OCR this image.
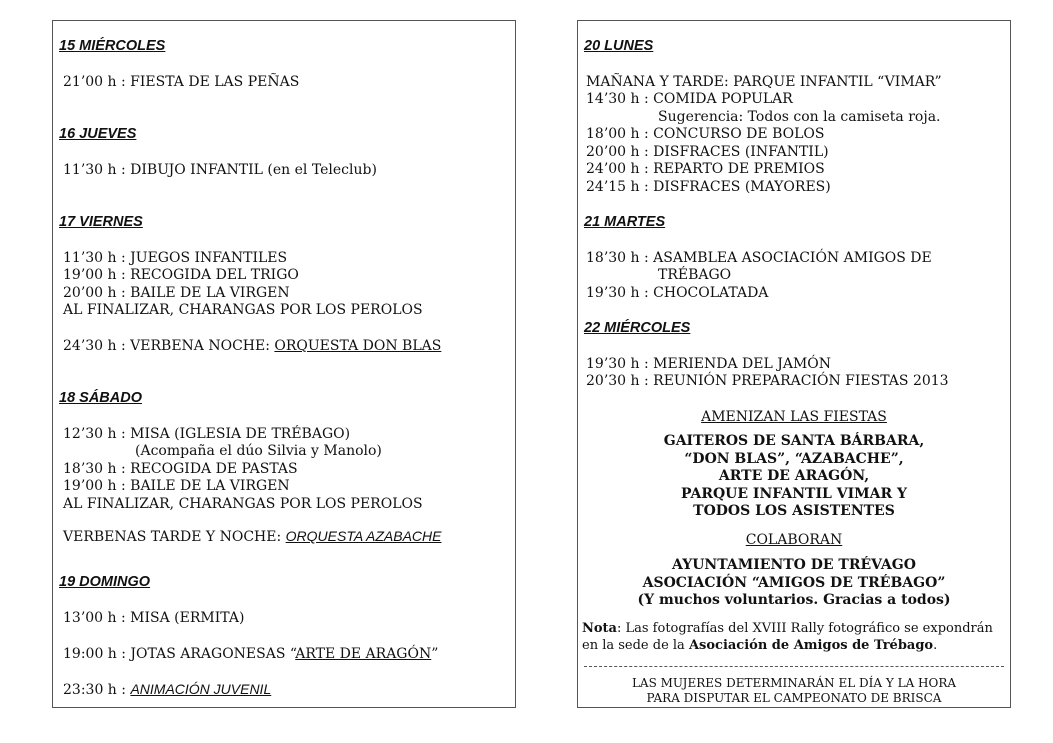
15 MIÉRCOLES
21’00 h : FIESTA DE LAS PEÑAS
16 JUEVES
11’30 h : DIBUJO INFANTIL (en el Teleclub)
17 VIERNES
11’30 h : JUEGOS INFANTILES
19’00 h : RECOGIDA DEL TRIGO
20’00 h : BAILE DE LA VIRGEN
AL FINALIZAR, CHARANGAS POR LOS PEROLOS
24’30 h : VERBENA NOCHE: ORQUESTA DON BLAS
18 SÁBADO
12’30 h : MISA (IGLESIA DE TRÉBAGO)
(Acompaña el dúo Silvia y Manolo)
18’30 h : RECOGIDA DE PASTAS
19’00 h : BAILE DE LA VIRGEN
AL FINALIZAR, CHARANGAS POR LOS PEROLOS
VERBENAS TARDE Y NOCHE: ORQUESTA AZABACHE
19 DOMINGO
13’00 h : MISA (ERMITA)
19:00 h : JOTAS ARAGONESAS “ARTE DE ARAGÓN”
23:30 h : ANIMACIÓN JUVENIL
20 LUNES
MAÑANA Y TARDE: PARQUE INFANTIL “VIMAR”
14’30 h : COMIDA POPULAR
Sugerencia: Todos con la camiseta roja.
18’00 h : CONCURSO DE BOLOS
20’00 h : DISFRACES (INFANTIL)
24’00 h : REPARTO DE PREMIOS
24’15 h : DISFRACES (MAYORES)
21 MARTES
18’30 h : ASAMBLEA ASOCIACIÓN AMIGOS DE
TRÉBAGO
19’30 h : CHOCOLATADA
22 MIÉRCOLES
19’30 h : MERIENDA DEL JAMÓN
20’30 h : REUNIÓN PREPARACIÓN FIESTAS 2013
AMENIZAN LAS FIESTAS
GAITEROS DE SANTA BÁRBARA,
“DON BLAS”, “AZABACHE”,
ARTE DE ARAGÓN,
PARQUE INFANTIL VIMAR Y
TODOS LOS ASISTENTES
COLABORAN
AYUNTAMIENTO DE TRÉVAGO
ASOCIACIÓN “AMIGOS DE TRÉBAGO”
(Y muchos voluntarios. Gracias a todos)
Nota: Las fotografías del XVIII Rally fotográfico se expondrán
en la sede de la Asociación de Amigos de Trébago.
LAS MUJERES DETERMINARÁN EL DÍA Y LA HORA
PARA DISPUTAR EL CAMPEONATO DE BRISCA
